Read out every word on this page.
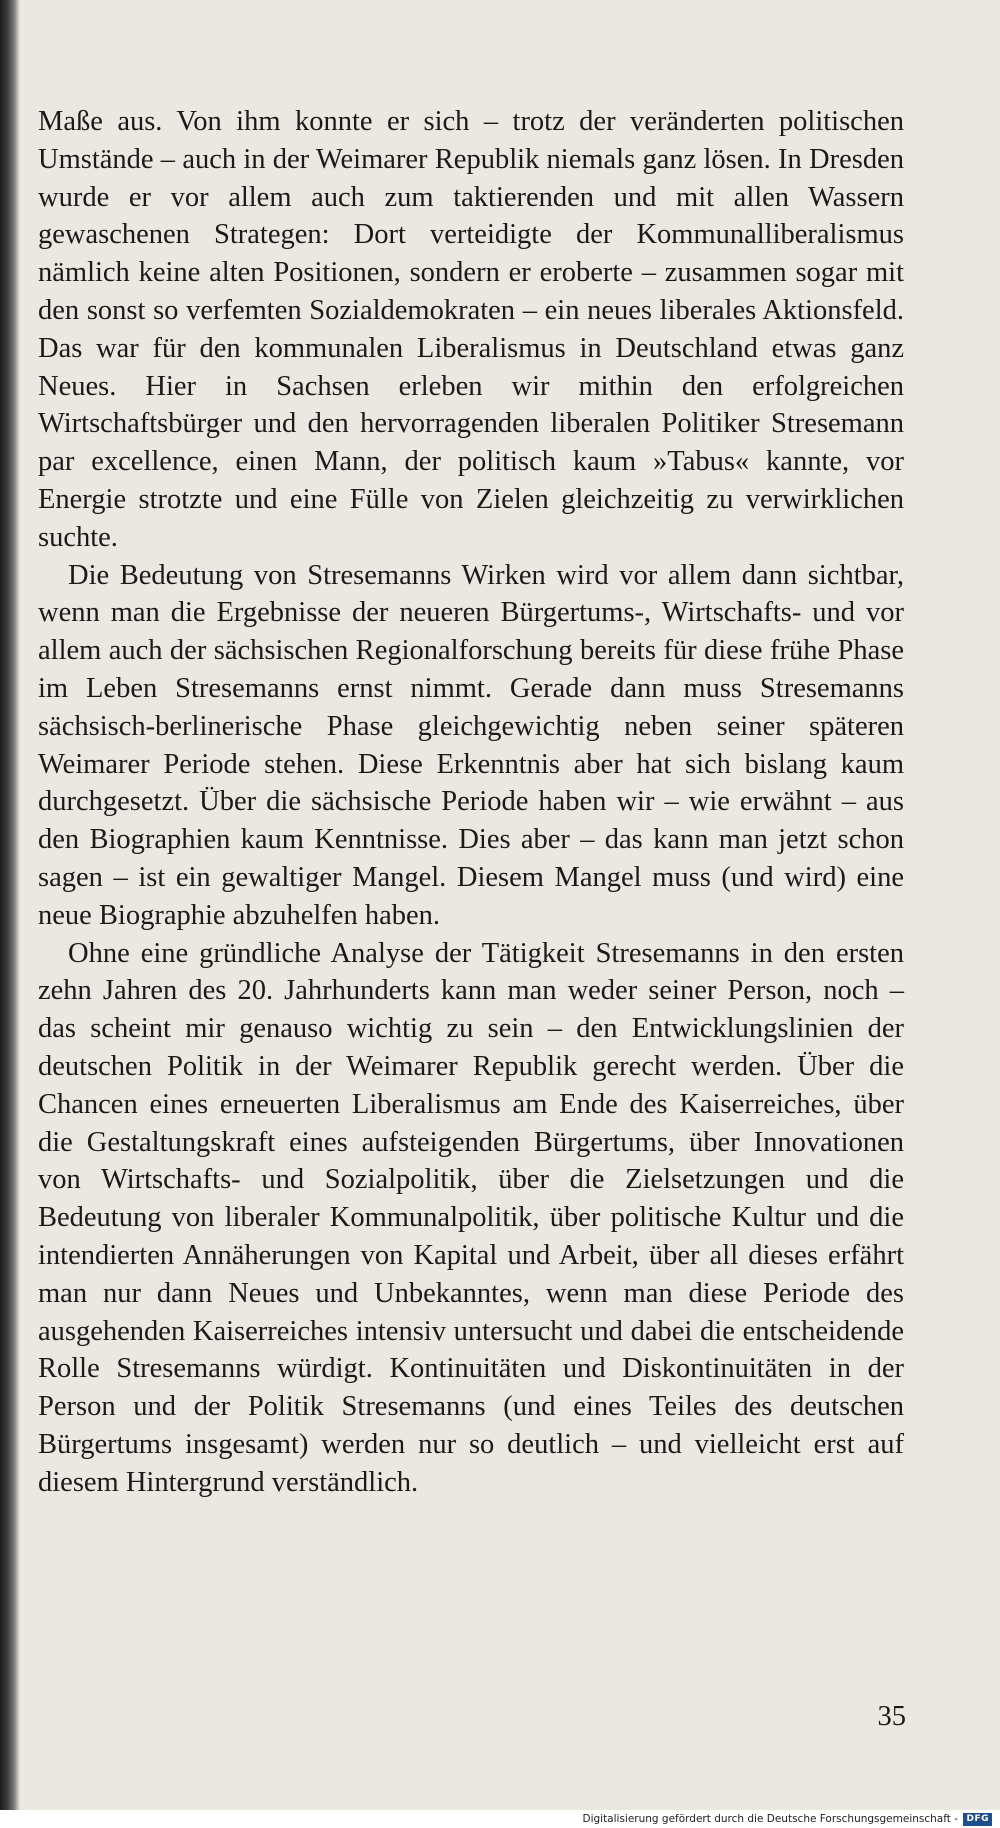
Maße aus. Von ihm konnte er sich – trotz der veränderten politischen Umstände – auch in der Weimarer Republik niemals ganz lösen. In Dresden wurde er vor allem auch zum taktierenden und mit allen Wassern gewaschenen Strategen: Dort verteidigte der Kommunalliberalismus nämlich keine alten Positionen, sondern er eroberte – zusammen sogar mit den sonst so verfemten Sozialdemokraten – ein neues liberales Aktionsfeld. Das war für den kommunalen Liberalismus in Deutschland etwas ganz Neues. Hier in Sachsen erleben wir mithin den erfolgreichen Wirtschaftsbürger und den hervorragenden liberalen Politiker Stresemann par excellence, einen Mann, der politisch kaum »Tabus« kannte, vor Energie strotzte und eine Fülle von Zielen gleichzeitig zu verwirklichen suchte.

Die Bedeutung von Stresemanns Wirken wird vor allem dann sichtbar, wenn man die Ergebnisse der neueren Bürgertums-, Wirtschafts- und vor allem auch der sächsischen Regionalforschung bereits für diese frühe Phase im Leben Stresemanns ernst nimmt. Gerade dann muss Stresemanns sächsisch-berlinerische Phase gleichgewichtig neben seiner späteren Weimarer Periode stehen. Diese Erkenntnis aber hat sich bislang kaum durchgesetzt. Über die sächsische Periode haben wir – wie erwähnt – aus den Biographien kaum Kenntnisse. Dies aber – das kann man jetzt schon sagen – ist ein gewaltiger Mangel. Diesem Mangel muss (und wird) eine neue Biographie abzuhelfen haben.

Ohne eine gründliche Analyse der Tätigkeit Stresemanns in den ersten zehn Jahren des 20. Jahrhunderts kann man weder seiner Person, noch – das scheint mir genauso wichtig zu sein – den Entwicklungslinien der deutschen Politik in der Weimarer Republik gerecht werden. Über die Chancen eines erneuerten Liberalismus am Ende des Kaiserreiches, über die Gestaltungskraft eines aufsteigenden Bürgertums, über Innovationen von Wirtschafts- und Sozialpolitik, über die Zielsetzungen und die Bedeutung von liberaler Kommunalpolitik, über politische Kultur und die intendierten Annäherungen von Kapital und Arbeit, über all dieses erfährt man nur dann Neues und Unbekanntes, wenn man diese Periode des ausgehenden Kaiserreiches intensiv untersucht und dabei die entscheidende Rolle Stresemanns würdigt. Kontinuitäten und Diskontinuitäten in der Person und der Politik Stresemanns (und eines Teiles des deutschen Bürgertums insgesamt) werden nur so deutlich – und vielleicht erst auf diesem Hintergrund verständlich.

35
Digitalisierung gefördert durch die Deutsche Forschungsgemeinschaft - DFG
